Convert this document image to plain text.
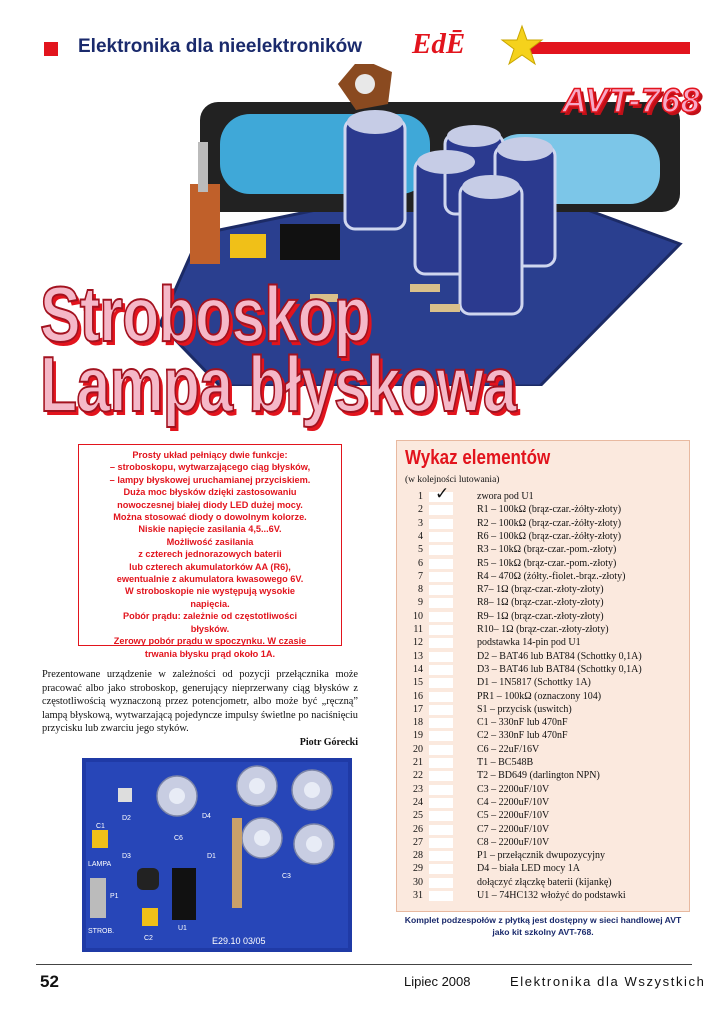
Elektronika dla nieelektroników EdĒ
AVT-768
Stroboskop
Lampa błyskowa
Prosty układ pełniący dwie funkcje:
– stroboskopu, wytwarzającego ciąg błysków,
– lampy błyskowej uruchamianej przyciskiem.
Duża moc błysków dzięki zastosowaniu
nowoczesnej białej diody LED dużej mocy.
Można stosować diody o dowolnym kolorze.
Niskie napięcie zasilania 4,5...6V.
Możliwość zasilania
z czterech jednorazowych baterii
lub czterech akumulatorków AA (R6),
ewentualnie z akumulatora kwasowego 6V.
W stroboskopie nie występują wysokie
napięcia.
Pobór prądu: zależnie od częstotliwości
błysków.
Zerowy pobór prądu w spoczynku. W czasie
trwania błysku prąd około 1A.

Prezentowane urządzenie w zależności od pozycji przełącznika może pracować albo jako stroboskop, generujący nieprzerwany ciąg błysków z częstotliwością wyznaczoną przez potencjometr, albo może być „ręczną” lampą błyskową, wytwarzającą pojedyncze impulsy świetlne po naciśnięciu przycisku lub zwarciu jego styków.

Piotr Górecki
LAMPA
STROB.
E29.10 03/05
D4
D2
D3	D1
C1
C2
C3
C6
P1
U1
Wykaz elementów
(w kolejności lutowania)
1	zwora pod U1
✓
2	R1 – 100kΩ (brąz-czar.-żółty-złoty)
3	R2 – 100kΩ (brąz-czar.-żółty-złoty)
4	R6 – 100kΩ (brąz-czar.-żółty-złoty)
5	R3 – 10kΩ (brąz-czar.-pom.-złoty)
6	R5 – 10kΩ (brąz-czar.-pom.-złoty)
7	R4 – 470Ω (żółty.-fiolet.-brąz.-złoty)
8	R7– 1Ω (brąz-czar.-złoty-złoty)
9	R8– 1Ω (brąz-czar.-złoty-złoty)
10	R9– 1Ω (brąz-czar.-złoty-złoty)
11	R10– 1Ω (brąz-czar.-złoty-złoty)
12	podstawka 14-pin pod U1
13	D2 – BAT46 lub BAT84 (Schottky 0,1A)
14	D3 – BAT46 lub BAT84 (Schottky 0,1A)
15	D1 – 1N5817 (Schottky 1A)
16	PR1 – 100kΩ (oznaczony 104)
17	S1 – przycisk (uswitch)
18	C1 – 330nF lub 470nF
19	C2 – 330nF lub 470nF
20	C6 – 22uF/16V
21	T1 – BC548B
22	T2 – BD649 (darlington NPN)
23	C3 – 2200uF/10V
24	C4 – 2200uF/10V
25	C5 – 2200uF/10V
26	C7 – 2200uF/10V
27	C8 – 2200uF/10V
28	P1 – przełącznik dwupozycyjny
29	D4 – biała LED mocy 1A
30	dołączyć złączkę baterii (kijankę)
31	U1 – 74HC132 włożyć do podstawki
Komplet podzespołów z płytką jest dostępny w sieci handlowej AVT
jako kit szkolny AVT-768.
52	Lipiec 2008	Elektronika dla Wszystkich
